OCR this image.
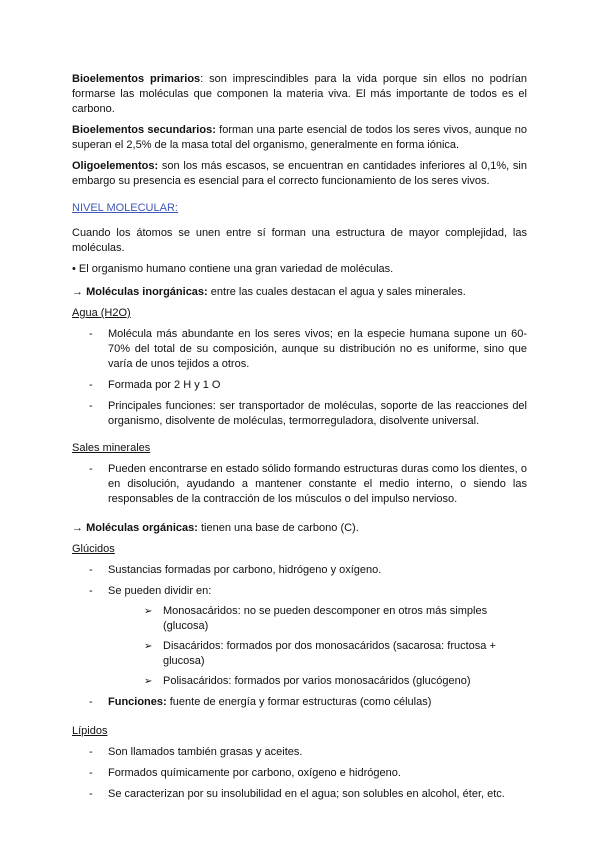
Bioelementos primarios: son imprescindibles para la vida porque sin ellos no podrían formarse las moléculas que componen la materia viva. El más importante de todos es el carbono.

Bioelementos secundarios: forman una parte esencial de todos los seres vivos, aunque no superan el 2,5% de la masa total del organismo, generalmente en forma iónica.

Oligoelementos: son los más escasos, se encuentran en cantidades inferiores al 0,1%, sin embargo su presencia es esencial para el correcto funcionamiento de los seres vivos.

NIVEL MOLECULAR:

Cuando los átomos se unen entre sí forman una estructura de mayor complejidad, las moléculas.

• El organismo humano contiene una gran variedad de moléculas.

→ Moléculas inorgánicas: entre las cuales destacan el agua y sales minerales.

Agua (H2O)

- Molécula más abundante en los seres vivos; en la especie humana supone un 60-70% del total de su composición, aunque su distribución no es uniforme, sino que varía de unos tejidos a otros.
- Formada por 2 H y 1 O
- Principales funciones: ser transportador de moléculas, soporte de las reacciones del organismo, disolvente de moléculas, termorreguladora, disolvente universal.

Sales minerales

- Pueden encontrarse en estado sólido formando estructuras duras como los dientes, o en disolución, ayudando a mantener constante el medio interno, o siendo las responsables de la contracción de los músculos o del impulso nervioso.

→ Moléculas orgánicas: tienen una base de carbono (C).

Glúcidos

- Sustancias formadas por carbono, hidrógeno y oxígeno.
- Se pueden dividir en:
➢ Monosacáridos: no se pueden descomponer en otros más simples (glucosa)
➢ Disacáridos: formados por dos monosacáridos (sacarosa: fructosa + glucosa)
➢ Polisacáridos: formados por varios monosacáridos (glucógeno)
- Funciones: fuente de energía y formar estructuras (como células)

Lípidos

- Son llamados también grasas y aceites.
- Formados químicamente por carbono, oxígeno e hidrógeno.
- Se caracterizan por su insolubilidad en el agua; son solubles en alcohol, éter, etc.
